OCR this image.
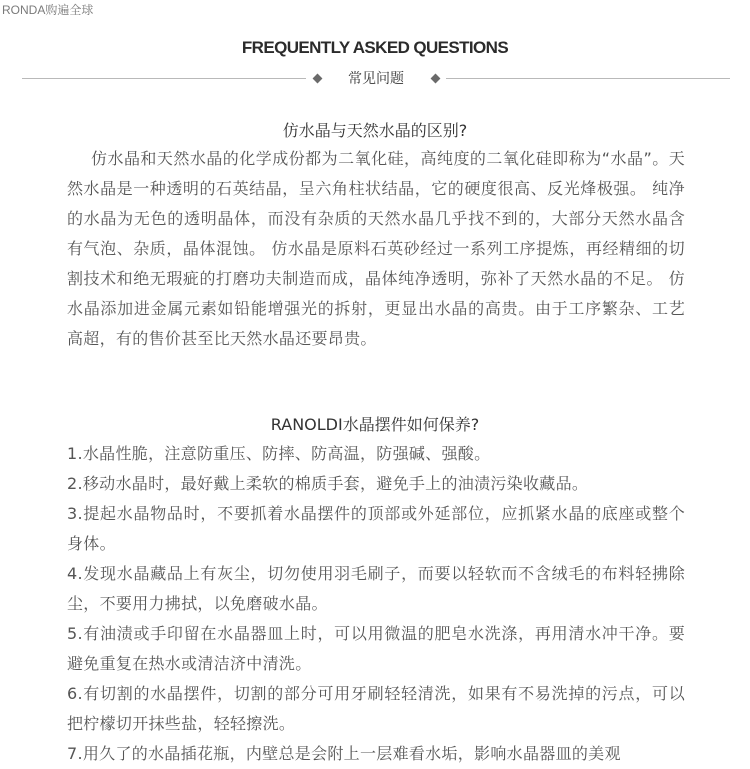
RONDA购遍全球
FREQUENTLY ASKED QUESTIONS
常见问题
仿水晶与天然水晶的区别?

仿水晶和天然水晶的化学成份都为二氧化硅，高纯度的二氧化硅即称为“水晶”。天然水晶是一种透明的石英结晶，呈六角柱状结晶，它的硬度很高、反光烽极强。 纯净的水晶为无色的透明晶体，而没有杂质的天然水晶几乎找不到的，大部分天然水晶含有气泡、杂质，晶体混蚀。 仿水晶是原料石英砂经过一系列工序提炼，再经精细的切割技术和绝无瑕疵的打磨功夫制造而成，晶体纯净透明，弥补了天然水晶的不足。 仿水晶添加进金属元素如铅能增强光的拆射，更显出水晶的高贵。由于工序繁杂、工艺高超，有的售价甚至比天然水晶还要昂贵。

RANOLDI水晶摆件如何保养?
1.水晶性脆，注意防重压、防摔、防高温，防强碱、强酸。
2.移动水晶时，最好戴上柔软的棉质手套，避免手上的油渍污染收藏品。
3.提起水晶物品时，不要抓着水晶摆件的顶部或外延部位，应抓紧水晶的底座或整个身体。
4.发现水晶藏品上有灰尘，切勿使用羽毛刷子，而要以轻软而不含绒毛的布料轻拂除尘，不要用力拂拭，以免磨破水晶。
5.有油渍或手印留在水晶器皿上时，可以用微温的肥皂水洗涤，再用清水冲干净。要避免重复在热水或清洁济中清洗。
6.有切割的水晶摆件，切割的部分可用牙刷轻轻清洗，如果有不易洗掉的污点，可以把柠檬切开抹些盐，轻轻擦洗。
7.用久了的水晶插花瓶，内壁总是会附上一层难看水垢，影响水晶器皿的美观
